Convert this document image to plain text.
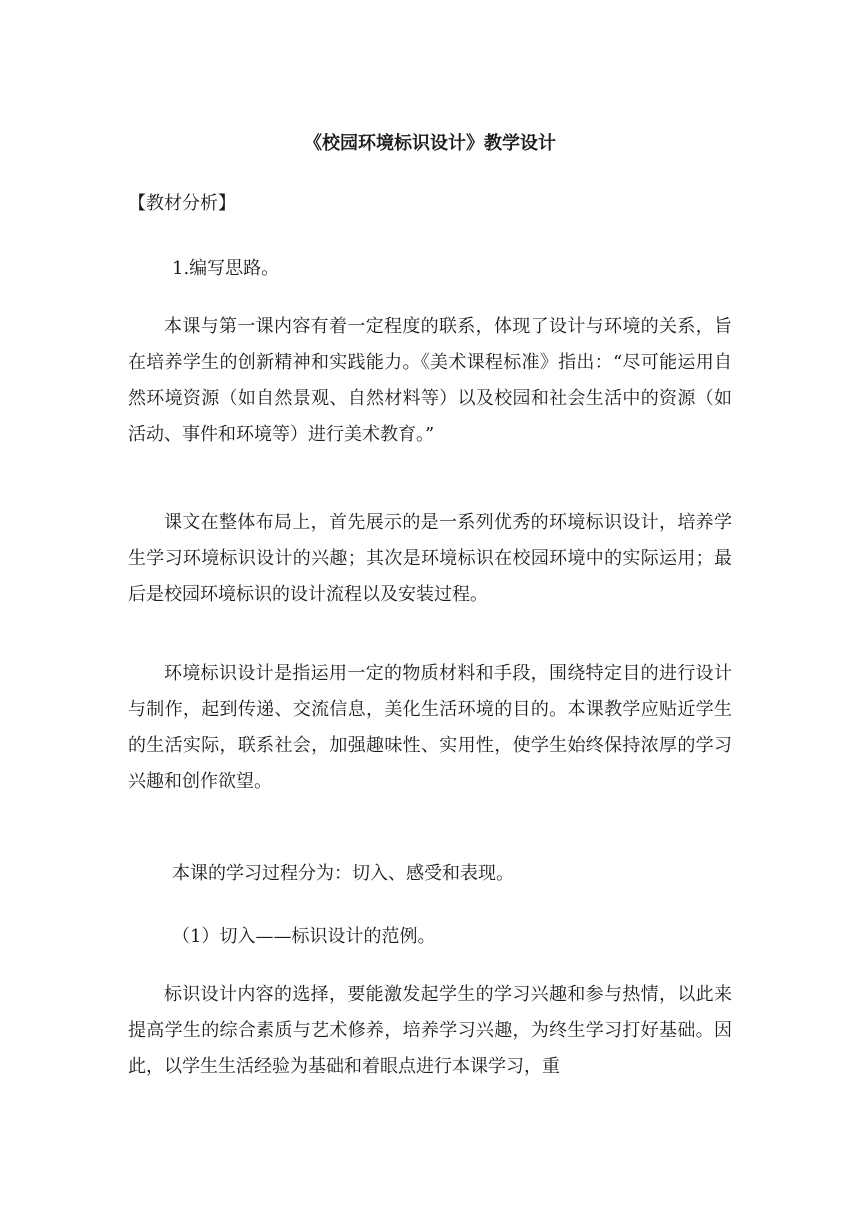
《校园环境标识设计》教学设计

【教材分析】

1.编写思路。

本课与第一课内容有着一定程度的联系，体现了设计与环境的关系，旨在培养学生的创新精神和实践能力。《美术课程标准》指出：“尽可能运用自然环境资源（如自然景观、自然材料等）以及校园和社会生活中的资源（如活动、事件和环境等）进行美术教育。”

课文在整体布局上，首先展示的是一系列优秀的环境标识设计，培养学生学习环境标识设计的兴趣；其次是环境标识在校园环境中的实际运用；最后是校园环境标识的设计流程以及安装过程。

环境标识设计是指运用一定的物质材料和手段，围绕特定目的进行设计与制作，起到传递、交流信息，美化生活环境的目的。本课教学应贴近学生的生活实际，联系社会，加强趣味性、实用性，使学生始终保持浓厚的学习兴趣和创作欲望。

本课的学习过程分为：切入、感受和表现。

（1）切入——标识设计的范例。

标识设计内容的选择，要能激发起学生的学习兴趣和参与热情，以此来提高学生的综合素质与艺术修养，培养学习兴趣，为终生学习打好基础。因此，以学生生活经验为基础和着眼点进行本课学习，重
